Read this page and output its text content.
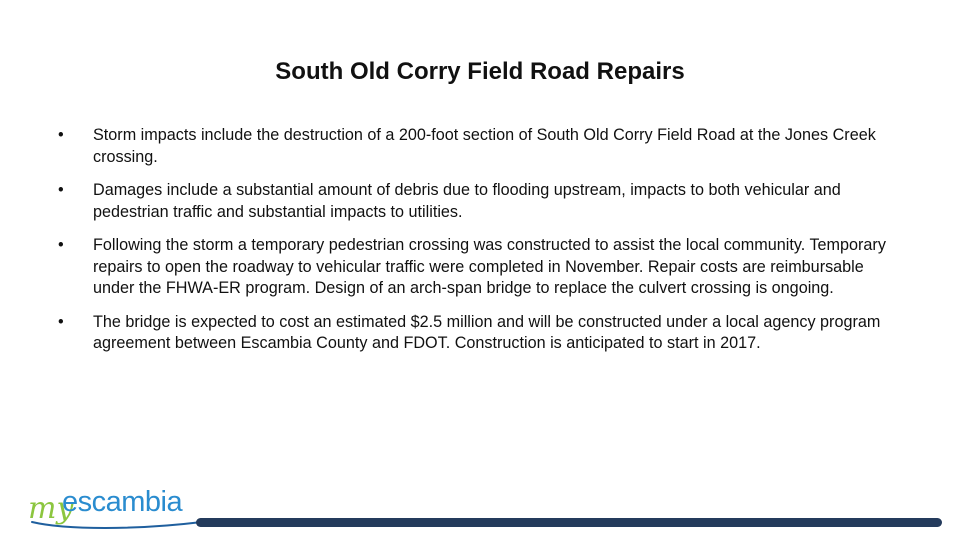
South Old Corry Field Road Repairs
• Storm impacts include the destruction of a 200-foot section of South Old Corry Field Road at the Jones Creek crossing.
• Damages include a substantial amount of debris due to flooding upstream, impacts to both vehicular and pedestrian traffic and substantial impacts to utilities.
• Following the storm a temporary pedestrian crossing was constructed to assist the local community. Temporary repairs to open the roadway to vehicular traffic were completed in November. Repair costs are reimbursable under the FHWA-ER program. Design of an arch-span bridge to replace the culvert crossing is ongoing.
• The bridge is expected to cost an estimated $2.5 million and will be constructed under a local agency program agreement between Escambia County and FDOT. Construction is anticipated to start in 2017.
my
escambia
